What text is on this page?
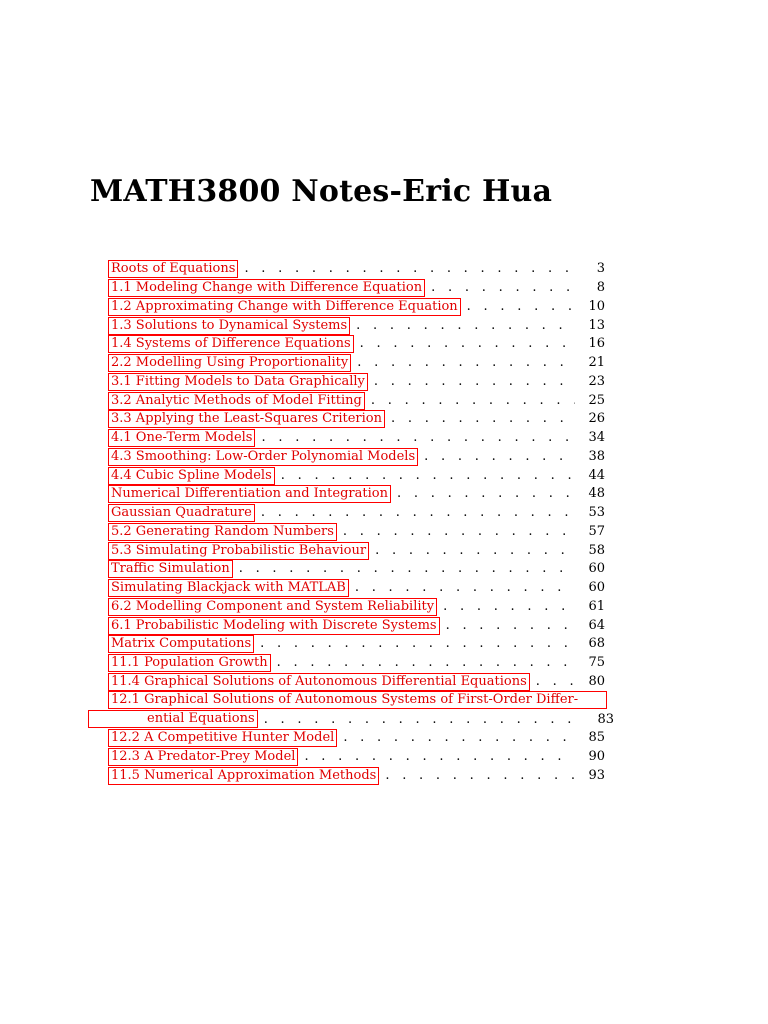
MATH3800 Notes-Eric Hua
Roots of Equations . . .	3
1.1 Modeling Change with Difference Equation . . .	8
1.2 Approximating Change with Difference Equation . . .	10
1.3 Solutions to Dynamical Systems . . .	13
1.4 Systems of Difference Equations . . .	16
2.2 Modelling Using Proportionality . . .	21
3.1 Fitting Models to Data Graphically . . .	23
3.2 Analytic Methods of Model Fitting . . .	25
3.3 Applying the Least-Squares Criterion . . .	26
4.1 One-Term Models . . .	34
4.3 Smoothing: Low-Order Polynomial Models . . .	38
4.4 Cubic Spline Models . . .	44
Numerical Differentiation and Integration . . .	48
Gaussian Quadrature . . .	53
5.2 Generating Random Numbers . . .	57
5.3 Simulating Probabilistic Behaviour . . .	58
Traffic Simulation . . .	60
Simulating Blackjack with MATLAB . . .	60
6.2 Modelling Component and System Reliability . . .	61
6.1 Probabilistic Modeling with Discrete Systems . . .	64
Matrix Computations . . .	68
11.1 Population Growth . . .	75
11.4 Graphical Solutions of Autonomous Differential Equations . . .	80
12.1 Graphical Solutions of Autonomous Systems of First-Order Differ-
ential Equations . . .	83
12.2 A Competitive Hunter Model . . .	85
12.3 A Predator-Prey Model . . .	90
11.5 Numerical Approximation Methods . . .	93
